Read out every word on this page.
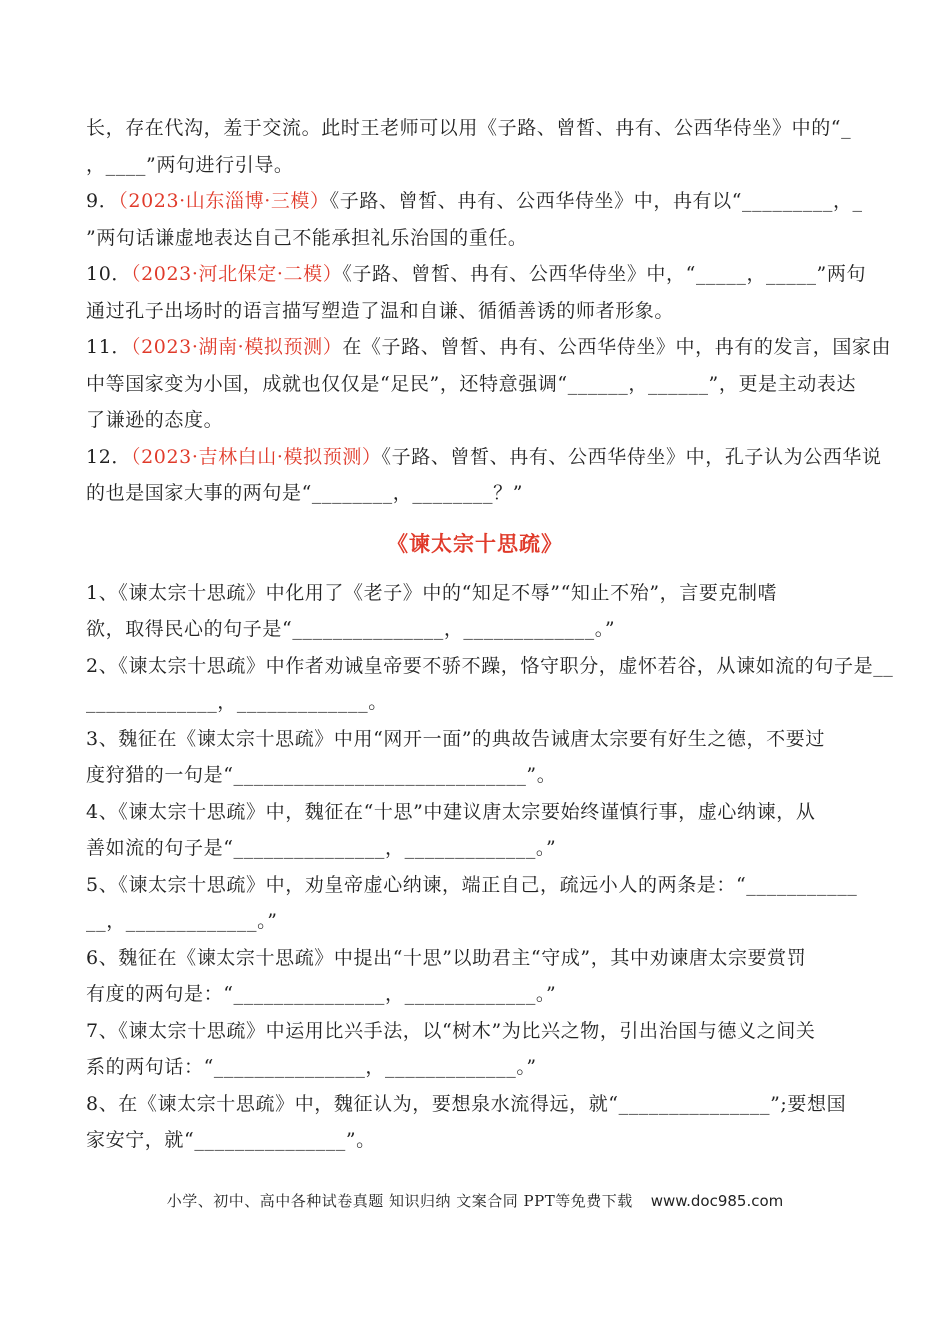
长，存在代沟，羞于交流。此时王老师可以用《子路、曾皙、冉有、公西华侍坐》中的“_
，____”两句进行引导。
9．（2023·山东淄博·三模）《子路、曾皙、冉有、公西华侍坐》中，冉有以“_________，_
”两句话谦虚地表达自己不能承担礼乐治国的重任。
10．（2023·河北保定·二模）《子路、曾皙、冉有、公西华侍坐》中，“_____，_____”两句
通过孔子出场时的语言描写塑造了温和自谦、循循善诱的师者形象。
11．（2023·湖南·模拟预测）在《子路、曾皙、冉有、公西华侍坐》中，冉有的发言，国家由
中等国家变为小国，成就也仅仅是“足民”，还特意强调“______，______”，更是主动表达
了谦逊的态度。
12．（2023·吉林白山·模拟预测）《子路、曾皙、冉有、公西华侍坐》中，孔子认为公西华说
的也是国家大事的两句是“________，________？”
《谏太宗十思疏》
1、《谏太宗十思疏》中化用了《老子》中的“知足不辱”“知止不殆”，言要克制嗜
欲，取得民心的句子是“_______________，_____________。”
2、《谏太宗十思疏》中作者劝诫皇帝要不骄不躁，恪守职分，虚怀若谷，从谏如流的句子是__
_____________，_____________。
3、魏征在《谏太宗十思疏》中用“网开一面”的典故告诫唐太宗要有好生之德，不要过
度狩猎的一句是“_____________________________”。
4、《谏太宗十思疏》中，魏征在“十思”中建议唐太宗要始终谨慎行事，虚心纳谏，从
善如流的句子是“_______________，_____________。”
5、《谏太宗十思疏》中，劝皇帝虚心纳谏，端正自己，疏远小人的两条是：“___________
__，_____________。”
6、魏征在《谏太宗十思疏》中提出“十思”以助君主“守成”，其中劝谏唐太宗要赏罚
有度的两句是：“_______________，_____________。”
7、《谏太宗十思疏》中运用比兴手法，以“树木”为比兴之物，引出治国与德义之间关
系的两句话：“_______________，_____________。”
8、在《谏太宗十思疏》中，魏征认为，要想泉水流得远，就“_______________”;要想国
家安宁，就“_______________”。
小学、初中、高中各种试卷真题 知识归纳 文案合同 PPT等免费下载 www.doc985.com
